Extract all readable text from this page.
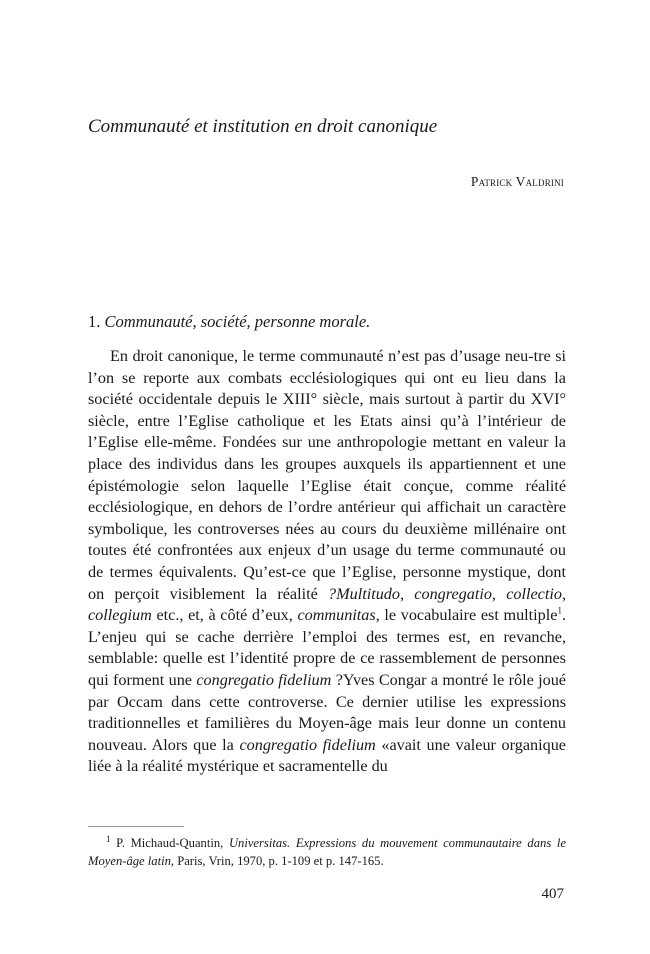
Communauté et institution en droit canonique
Patrick Valdrini
1. Communauté, société, personne morale.

En droit canonique, le terme communauté n’est pas d’usage neu-tre si l’on se reporte aux combats ecclésiologiques qui ont eu lieu dans la société occidentale depuis le XIII° siècle, mais surtout à partir du XVI° siècle, entre l’Eglise catholique et les Etats ainsi qu’à l’intérieur de l’Eglise elle-même. Fondées sur une anthropologie mettant en valeur la place des individus dans les groupes auxquels ils appartiennent et une épistémologie selon laquelle l’Eglise était conçue, comme réalité ecclésiologique, en dehors de l’ordre antérieur qui affichait un caractère symbolique, les controverses nées au cours du deuxième millénaire ont toutes été confrontées aux enjeux d’un usage du terme communauté ou de termes équivalents. Qu’est-ce que l’Eglise, personne mystique, dont on perçoit visiblement la réalité ?Multitudo, congregatio, collectio, collegium etc., et, à côté d’eux, communitas, le vocabulaire est multiple$^1$. L’enjeu qui se cache derrière l’emploi des termes est, en revanche, semblable: quelle est l’identité propre de ce rassemblement de personnes qui forment une congregatio fidelium ?Yves Congar a montré le rôle joué par Occam dans cette controverse. Ce dernier utilise les expressions traditionnelles et familières du Moyen-âge mais leur donne un contenu nouveau. Alors que la congregatio fidelium «avait une valeur organique liée à la réalité mystérique et sacramentelle du

$^1$ P. Michaud-Quantin, Universitas. Expressions du mouvement communautaire dans le Moyen-âge latin, Paris, Vrin, 1970, p. 1-109 et p. 147-165.

407
